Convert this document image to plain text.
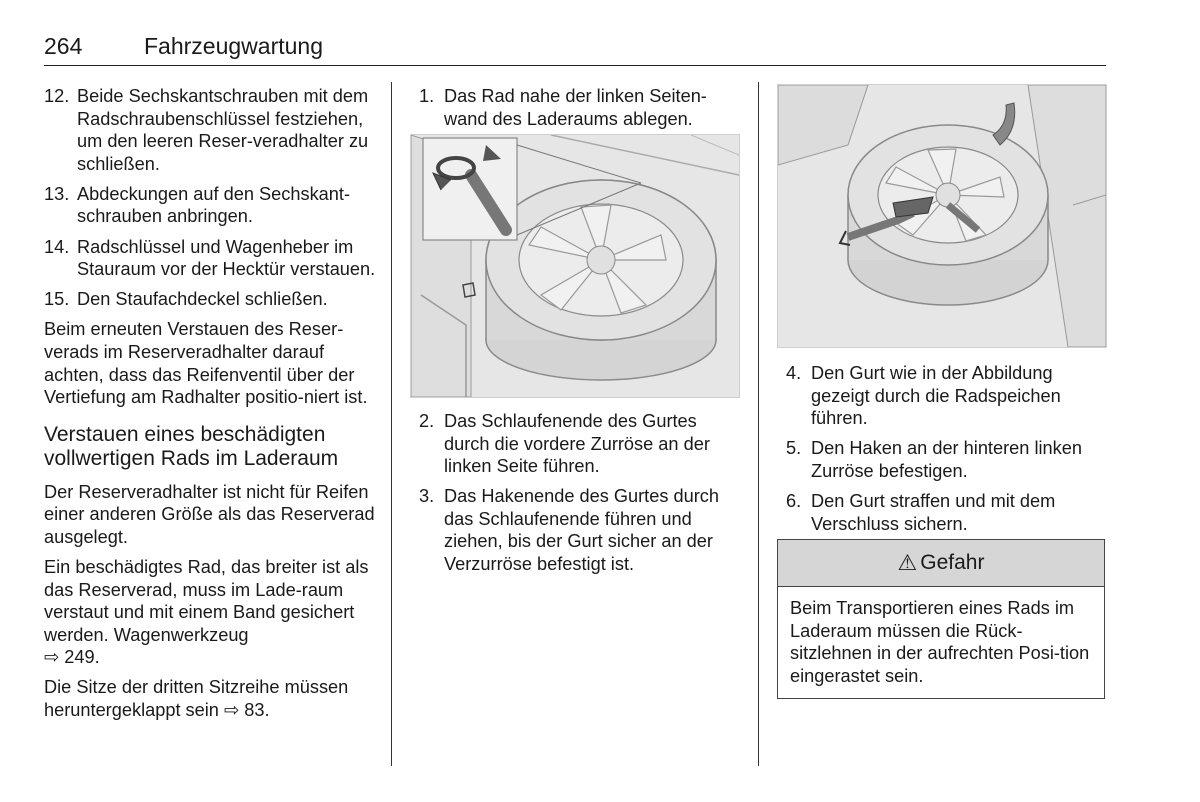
264	Fahrzeugwartung
12. Beide Sechskantschrauben mit dem Radschraubenschlüssel festziehen, um den leeren Reser-veradhalter zu schließen.
13. Abdeckungen auf den Sechskant-schrauben anbringen.
14. Radschlüssel und Wagenheber im Stauraum vor der Hecktür verstauen.
15. Den Staufachdeckel schließen.
Beim erneuten Verstauen des Reser-verads im Reserveradhalter darauf achten, dass das Reifenventil über der Vertiefung am Radhalter positio-niert ist.
Verstauen eines beschädigten vollwertigen Rads im Laderaum
Der Reserveradhalter ist nicht für Reifen einer anderen Größe als das Reserverad ausgelegt.
Ein beschädigtes Rad, das breiter ist als das Reserverad, muss im Lade-raum verstaut und mit einem Band gesichert werden. Wagenwerkzeug
⇨ 249.
Die Sitze der dritten Sitzreihe müssen heruntergeklappt sein ⇨ 83.
1. Das Rad nahe der linken Seiten-wand des Laderaums ablegen.
2. Das Schlaufenende des Gurtes durch die vordere Zurröse an der linken Seite führen.
3. Das Hakenende des Gurtes durch das Schlaufenende führen und ziehen, bis der Gurt sicher an der Verzurröse befestigt ist.
4. Den Gurt wie in der Abbildung gezeigt durch die Radspeichen führen.
5. Den Haken an der hinteren linken Zurröse befestigen.
6. Den Gurt straffen und mit dem Verschluss sichern.
⚠ Gefahr
Beim Transportieren eines Rads im Laderaum müssen die Rück-sitzlehnen in der aufrechten Posi-tion eingerastet sein.
